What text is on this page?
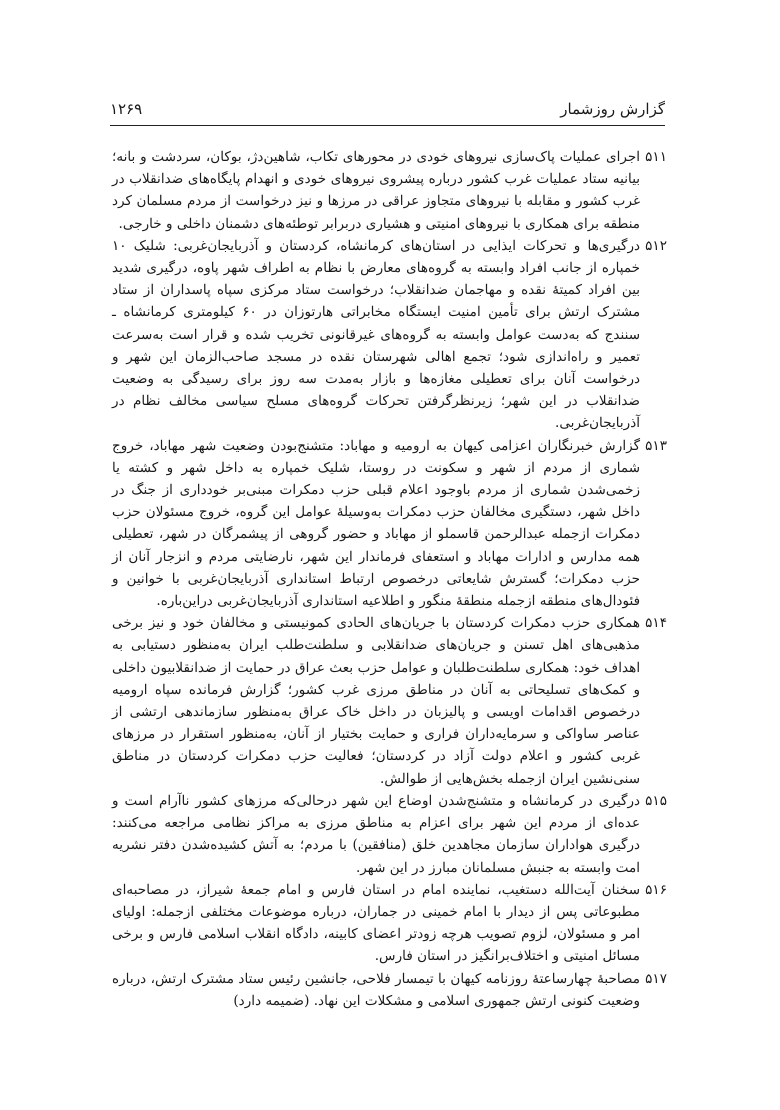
گزارش روزشمار
۱۲۶۹
۵۱۱
اجرای عملیات پاک‌سازی نیروهای خودی در محورهای تکاب، شاهین‌دژ، بوکان، سردشت و بانه؛ بیانیه ستاد عملیات غرب کشور درباره پیشروی نیروهای خودی و انهدام پایگاه‌های ضدانقلاب در غرب کشور و مقابله با نیروهای متجاوز عراقی در مرزها و نیز درخواست از مردم مسلمان کرد منطقه برای همکاری با نیروهای امنیتی و هشیاری دربرابر توطئه‌های دشمنان داخلی و خارجی.
۵۱۲
درگیری‌ها و تحرکات ایذایی در استان‌های کرمانشاه، کردستان و آذربایجان‌غربی: شلیک ۱۰ خمپاره از جانب افراد وابسته به گروه‌های معارض با نظام به اطراف شهر پاوه، درگیری شدید بین افراد کمیتهٔ نقده و مهاجمان ضدانقلاب؛ درخواست ستاد مرکزی سپاه پاسداران از ستاد مشترک ارتش برای تأمین امنیت ایستگاه مخابراتی هارتوزان در ۶۰ کیلومتری کرمانشاه ـ سنندج که به‌دست عوامل وابسته به گروه‌های غیرقانونی تخریب شده و قرار است به‌سرعت تعمیر و راه‌اندازی شود؛ تجمع اهالی شهرستان نقده در مسجد صاحب‌الزمان این شهر و درخواست آنان برای تعطیلی مغازه‌ها و بازار به‌مدت سه روز برای رسیدگی به وضعیت ضدانقلاب در این شهر؛ زیرنظرگرفتن تحرکات گروه‌های مسلح سیاسی مخالف نظام در آذربایجان‌غربی.
۵۱۳
گزارش خبرنگاران اعزامی کیهان به ارومیه و مهاباد: متشنج‌بودن وضعیت شهر مهاباد، خروج شماری از مردم از شهر و سکونت در روستا، شلیک خمپاره به داخل شهر و کشته یا زخمی‌شدن شماری از مردم باوجود اعلام قبلی حزب دمکرات مبنی‌بر خودداری از جنگ در داخل شهر، دستگیری مخالفان حزب دمکرات به‌وسیلهٔ عوامل این گروه، خروج مسئولان حزب دمکرات ازجمله عبدالرحمن قاسملو از مهاباد و حضور گروهی از پیشمرگان در شهر، تعطیلی همه مدارس و ادارات مهاباد و استعفای فرماندار این شهر، نارضایتی مردم و انزجار آنان از حزب دمکرات؛ گسترش شایعاتی درخصوص ارتباط استانداری آذربایجان‌غربی با خوانین و فئودال‌های منطقه ازجمله منطقهٔ منگور و اطلاعیه استانداری آذربایجان‌غربی دراین‌باره.
۵۱۴
همکاری حزب دمکرات کردستان با جریان‌های الحادی کمونیستی و مخالفان خود و نیز برخی مذهبی‌های اهل تسنن و جریان‌های ضدانقلابی و سلطنت‌طلب ایران به‌منظور دستیابی به اهداف خود: همکاری سلطنت‌طلبان و عوامل حزب بعث عراق در حمایت از ضدانقلابیون داخلی و کمک‌های تسلیحاتی به آنان در مناطق مرزی غرب کشور؛ گزارش فرمانده سپاه ارومیه درخصوص اقدامات اویسی و پالیزبان در داخل خاک عراق به‌منظور سازماندهی ارتشی از عناصر ساواکی و سرمایه‌داران فراری و حمایت بختیار از آنان، به‌منظور استقرار در مرزهای غربی کشور و اعلام دولت آزاد در کردستان؛ فعالیت حزب دمکرات کردستان در مناطق سنی‌نشین ایران ازجمله بخش‌هایی از طوالش.
۵۱۵
درگیری در کرمانشاه و متشنج‌شدن اوضاع این شهر درحالی‌که مرزهای کشور ناآرام است و عده‌ای از مردم این شهر برای اعزام به مناطق مرزی به مراکز نظامی مراجعه می‌کنند: درگیری هواداران سازمان مجاهدین خلق (منافقین) با مردم؛ به آتش کشیده‌شدن دفتر نشریه امت وابسته به جنبش مسلمانان مبارز در این شهر.
۵۱۶
سخنان آیت‌الله دستغیب، نماینده امام در استان فارس و امام جمعهٔ شیراز، در مصاحبه‌ای مطبوعاتی پس از دیدار با امام خمینی در جماران، درباره موضوعات مختلفی ازجمله: اولیای امر و مسئولان، لزوم تصویب هرچه زودتر اعضای کابینه، دادگاه انقلاب اسلامی فارس و برخی مسائل امنیتی و اختلاف‌برانگیز در استان فارس.
۵۱۷
مصاحبهٔ چهارساعتهٔ روزنامه کیهان با تیمسار فلاحی، جانشین رئیس ستاد مشترک ارتش، درباره وضعیت کنونی ارتش جمهوری اسلامی و مشکلات این نهاد. (ضمیمه دارد)
